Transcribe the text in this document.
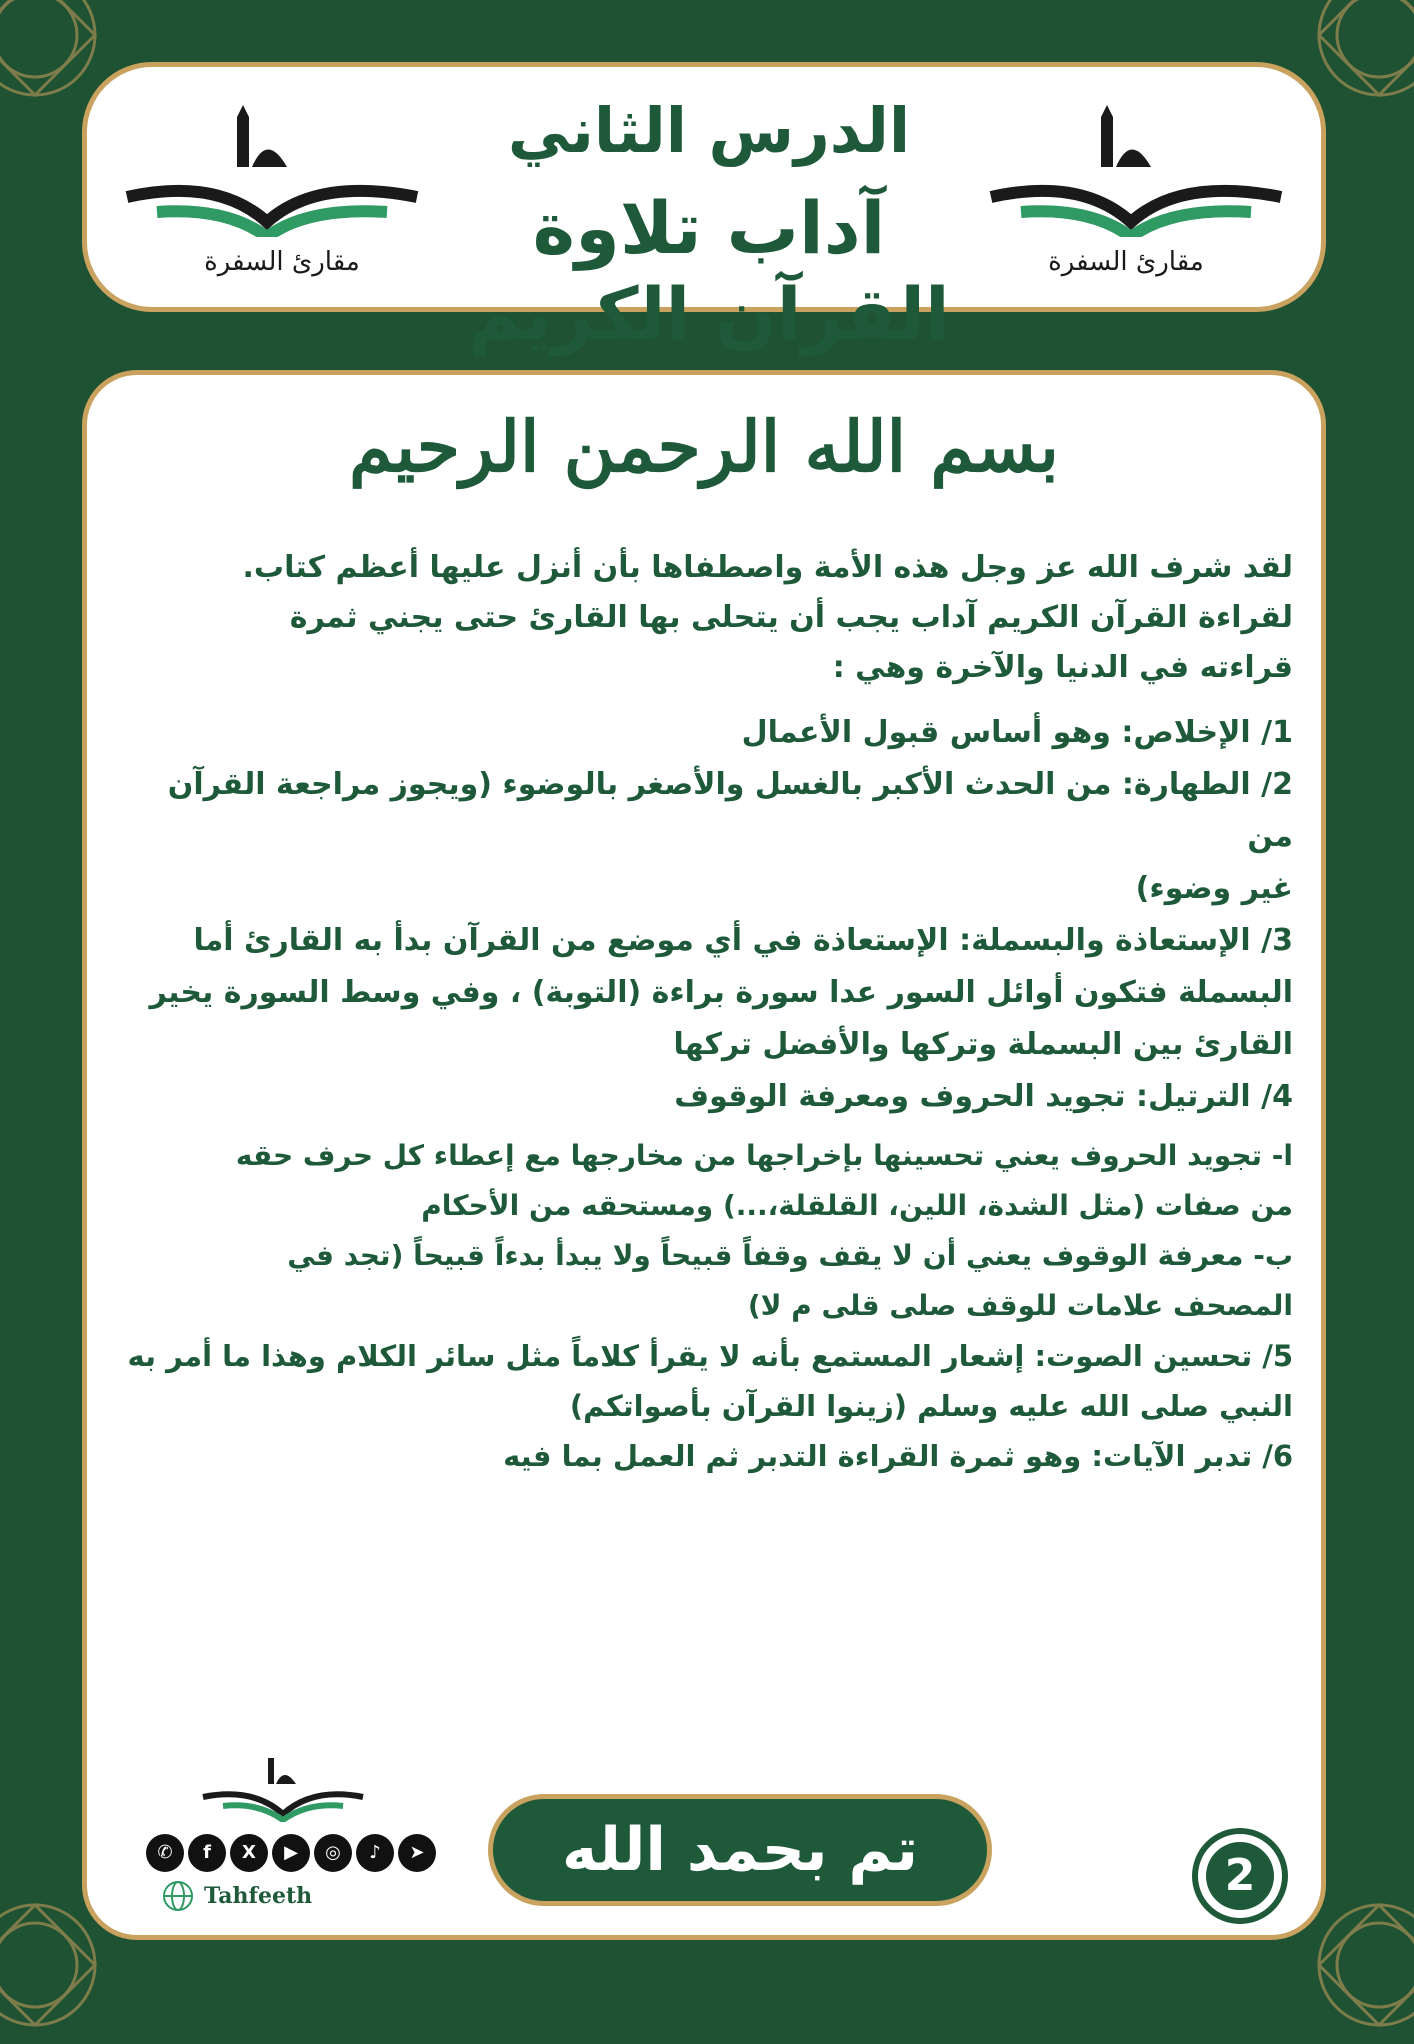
مقارئ السفرة
الدرس الثاني
آداب تلاوة القرآن الكريم
مقارئ السفرة
بسم الله الرحمن الرحيم

لقد شرف الله عز وجل هذه الأمة واصطفاها بأن أنزل عليها أعظم كتاب.

لقراءة القرآن الكريم آداب يجب أن يتحلى بها القارئ حتى يجني ثمرة

قراءته في الدنيا والآخرة وهي :

1/ الإخلاص: وهو أساس قبول الأعمال

2/ الطهارة: من الحدث الأكبر بالغسل والأصغر بالوضوء (ويجوز مراجعة القرآن من

غير وضوء)

3/ الإستعاذة والبسملة: الإستعاذة في أي موضع من القرآن بدأ به القارئ أما

البسملة فتكون أوائل السور عدا سورة براءة (التوبة) ، وفي وسط السورة يخير

القارئ بين البسملة وتركها والأفضل تركها

4/ الترتيل: تجويد الحروف ومعرفة الوقوف

ا- تجويد الحروف يعني تحسينها بإخراجها من مخارجها مع إعطاء كل حرف حقه

من صفات (مثل الشدة، اللين، القلقلة،...) ومستحقه من الأحكام

ب- معرفة الوقوف يعني أن لا يقف وقفاً قبيحاً ولا يبدأ بدءاً قبيحاً (تجد في

المصحف علامات للوقف صلى قلى م لا)

5/ تحسين الصوت: إشعار المستمع بأنه لا يقرأ كلاماً مثل سائر الكلام وهذا ما أمر به

النبي صلى الله عليه وسلم (زينوا القرآن بأصواتكم)

6/ تدبر الآيات: وهو ثمرة القراءة التدبر ثم العمل بما فيه

✆	f	X	▶	◎	♪	➤
Tahfeeth
تم بحمد الله	2
